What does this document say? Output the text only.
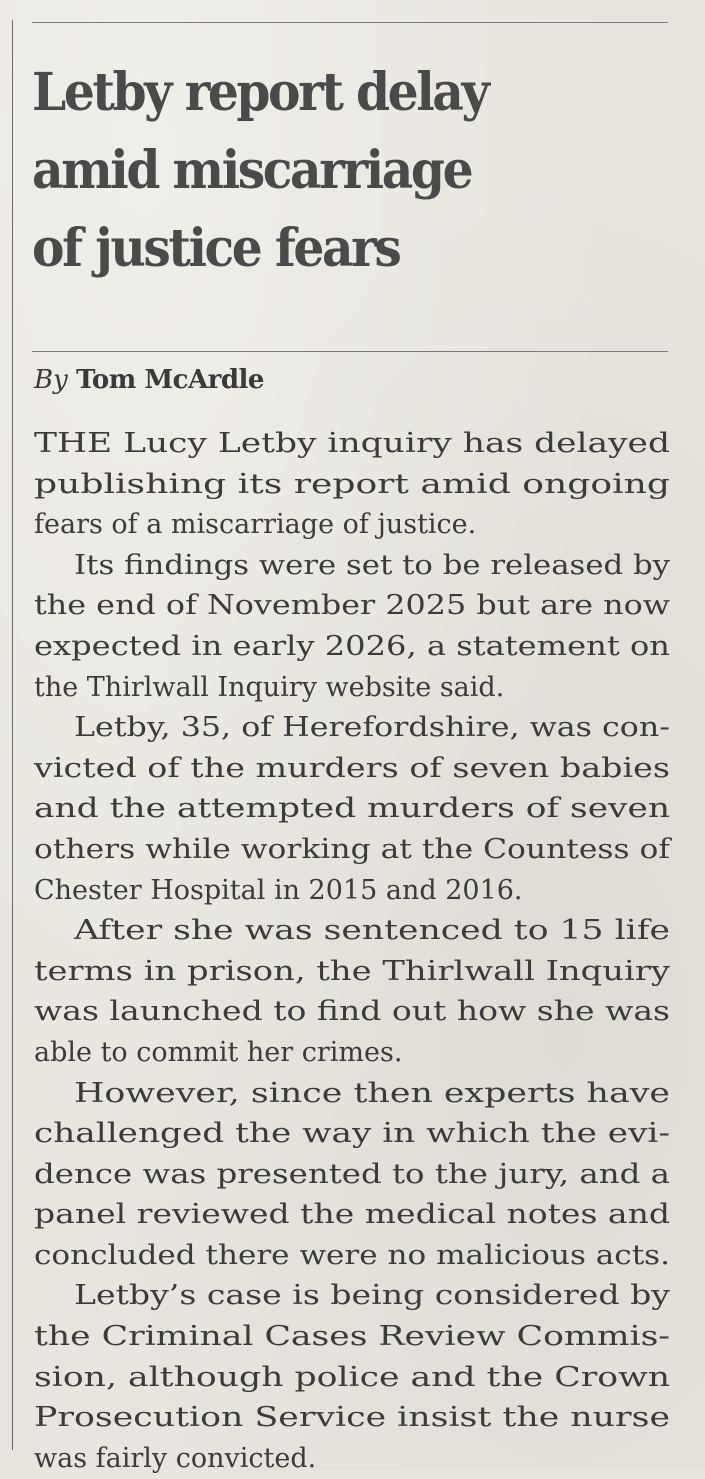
Letby report delay
amid miscarriage
of justice fears
By Tom McArdle
THE Lucy Letby inquiry has delayed
publishing its report amid ongoing
fears of a miscarriage of justice.
Its findings were set to be released by
the end of November 2025 but are now
expected in early 2026, a statement on
the Thirlwall Inquiry website said.
Letby, 35, of Herefordshire, was con-
victed of the murders of seven babies
and the attempted murders of seven
others while working at the Countess of
Chester Hospital in 2015 and 2016.
After she was sentenced to 15 life
terms in prison, the Thirlwall Inquiry
was launched to find out how she was
able to commit her crimes.
However, since then experts have
challenged the way in which the evi-
dence was presented to the jury, and a
panel reviewed the medical notes and
concluded there were no malicious acts.
Letby’s case is being considered by
the Criminal Cases Review Commis-
sion, although police and the Crown
Prosecution Service insist the nurse
was fairly convicted.
